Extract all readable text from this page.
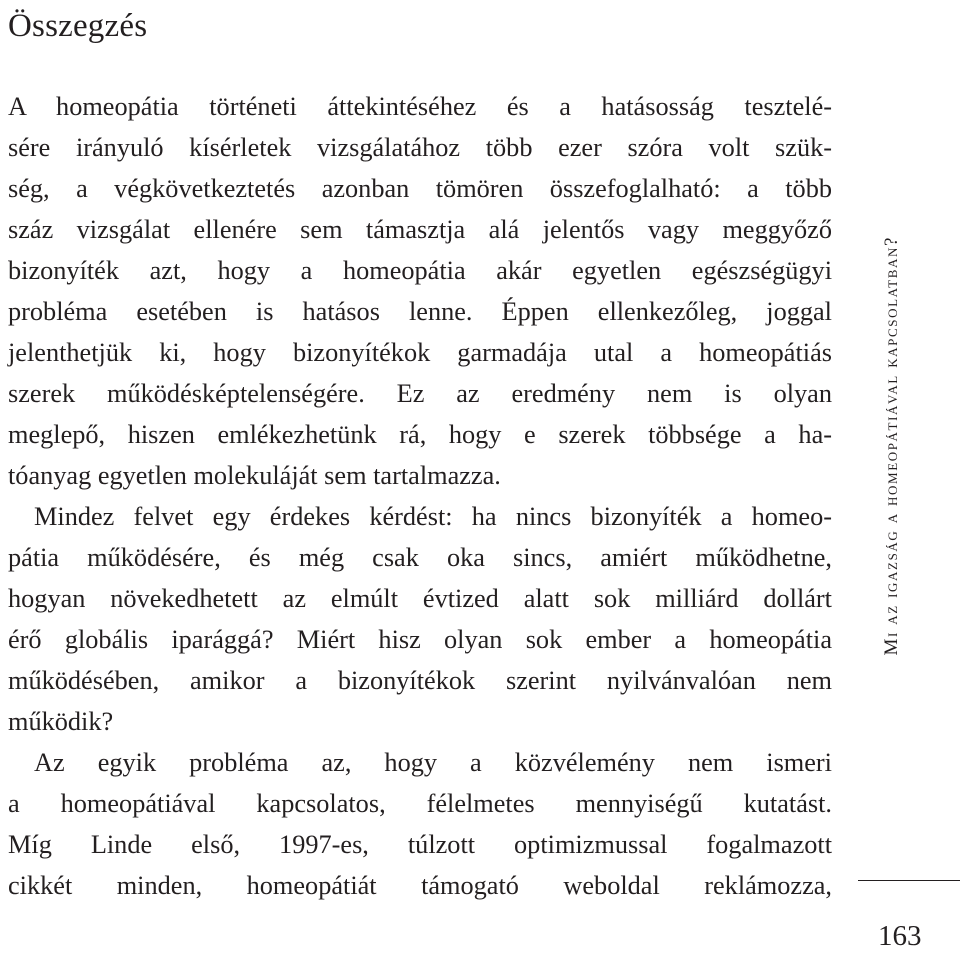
Összegzés
A homeopátia történeti áttekintéséhez és a hatásosság tesztelé-
sére irányuló kísérletek vizsgálatához több ezer szóra volt szük-
ség, a végkövetkeztetés azonban tömören összefoglalható: a több
száz vizsgálat ellenére sem támasztja alá jelentős vagy meggyőző
bizonyíték azt, hogy a homeopátia akár egyetlen egészségügyi
probléma esetében is hatásos lenne. Éppen ellenkezőleg, joggal
jelenthetjük ki, hogy bizonyítékok garmadája utal a homeopátiás
szerek működésképtelenségére. Ez az eredmény nem is olyan
meglepő, hiszen emlékezhetünk rá, hogy e szerek többsége a ha-
tóanyag egyetlen molekuláját sem tartalmazza.
Mindez felvet egy érdekes kérdést: ha nincs bizonyíték a homeo-
pátia működésére, és még csak oka sincs, amiért működhetne,
hogyan növekedhetett az elmúlt évtized alatt sok milliárd dollárt
érő globális iparággá? Miért hisz olyan sok ember a homeopátia
működésében, amikor a bizonyítékok szerint nyilvánvalóan nem
működik?
Az egyik probléma az, hogy a közvélemény nem ismeri
a homeopátiával kapcsolatos, félelmetes mennyiségű kutatást.
Míg Linde első, 1997-es, túlzott optimizmussal fogalmazott
cikkét minden, homeopátiát támogató weboldal reklámozza,
Mi az igazság a homeopátiával kapcsolatban?
163
